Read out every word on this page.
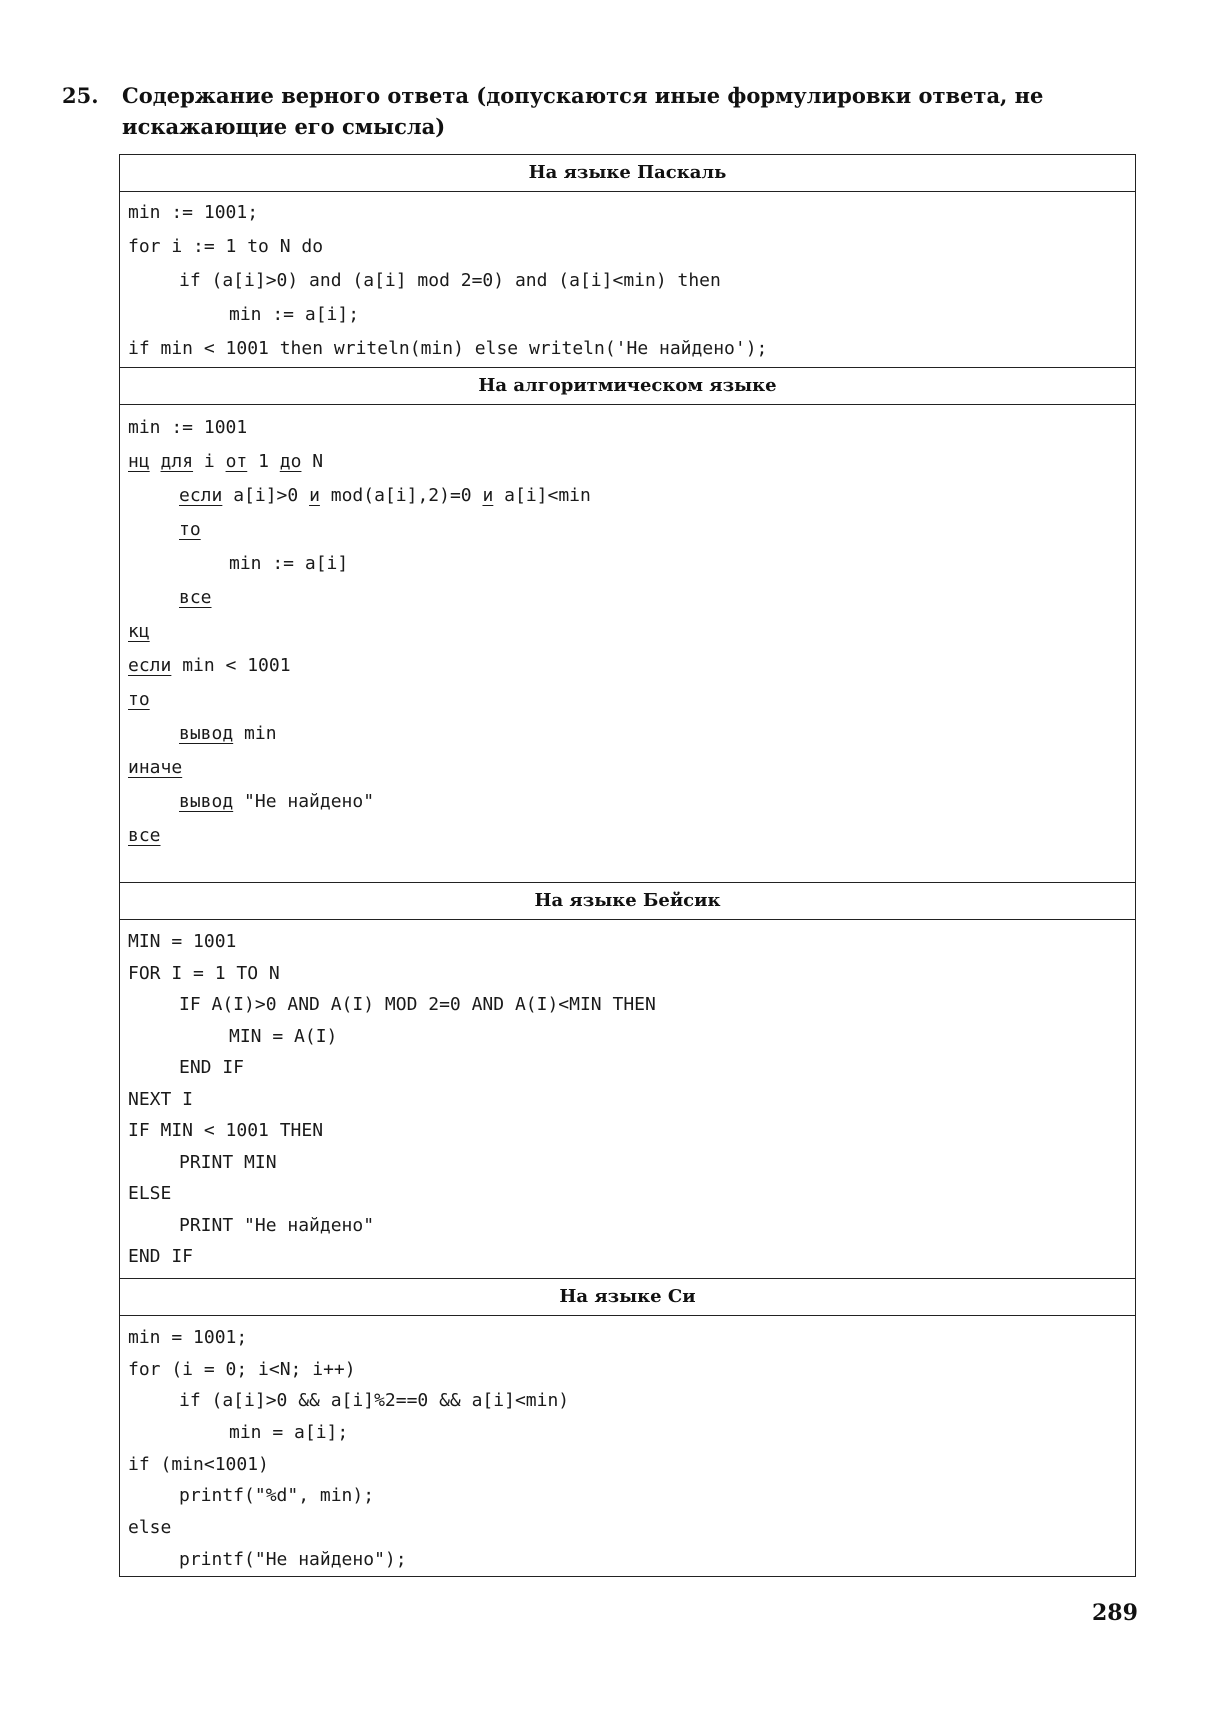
25. Содержание верного ответа (допускаются иные формулировки ответа, не искажающие его смысла)
На языке Паскаль
min := 1001;
for i := 1 to N do
if (a[i]>0) and (a[i] mod 2=0) and (a[i]<min) then
min := a[i];
if min < 1001 then writeln(min) else writeln('Не найдено');
На алгоритмическом языке
min := 1001
нц для i от 1 до N
если a[i]>0 и mod(a[i],2)=0 и a[i]<min
то
min := a[i]
все
кц
если min < 1001
то
вывод min
иначе
вывод "Не найдено"
все
На языке Бейсик
MIN = 1001
FOR I = 1 TO N
IF A(I)>0 AND A(I) MOD 2=0 AND A(I)<MIN THEN
MIN = A(I)
END IF
NEXT I
IF MIN < 1001 THEN
PRINT MIN
ELSE
PRINT "Не найдено"
END IF
На языке Си
min = 1001;
for (i = 0; i<N; i++)
if (a[i]>0 && a[i]%2==0 && a[i]<min)
min = a[i];
if (min<1001)
printf("%d", min);
else
printf("Не найдено");
289
